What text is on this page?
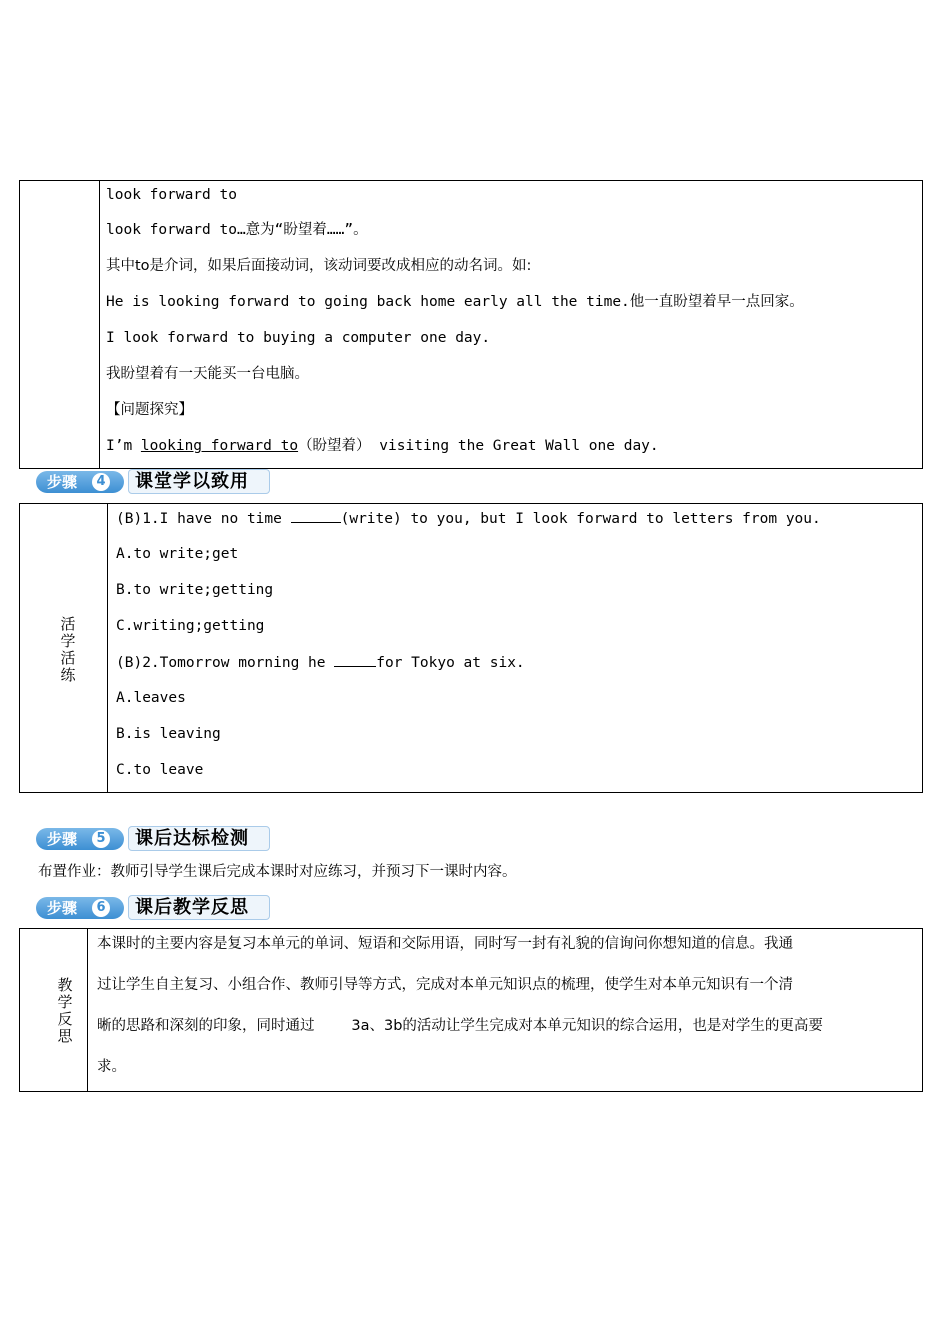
look forward to
look forward to…意为“盼望着……”。
其中to是介词，如果后面接动词，该动词要改成相应的动名词。如:
He is looking forward to going back home early all the time.他一直盼望着早一点回家。
I look forward to buying a computer one day.
我盼望着有一天能买一台电脑。
【问题探究】
I’m looking forward to（盼望着） visiting the Great Wall one day.
步骤	4	课堂学以致用
活学活练
(B)1.I have no time	(write) to you, but I look forward to letters from you.
A.to write;get
B.to write;getting
C.writing;getting
(B)2.Tomorrow morning he	for Tokyo at six.
A.leaves
B.is leaving
C.to leave
步骤	5	课后达标检测
布置作业：教师引导学生课后完成本课时对应练习，并预习下一课时内容。
步骤	6	课后教学反思
教学反思
本课时的主要内容是复习本单元的单词、短语和交际用语，同时写一封有礼貌的信询问你想知道的信息。我通
过让学生自主复习、小组合作、教师引导等方式，完成对本单元知识点的梳理，使学生对本单元知识有一个清
晰的思路和深刻的印象，同时通过        3a、3b的活动让学生完成对本单元知识的综合运用，也是对学生的更高要
求。
